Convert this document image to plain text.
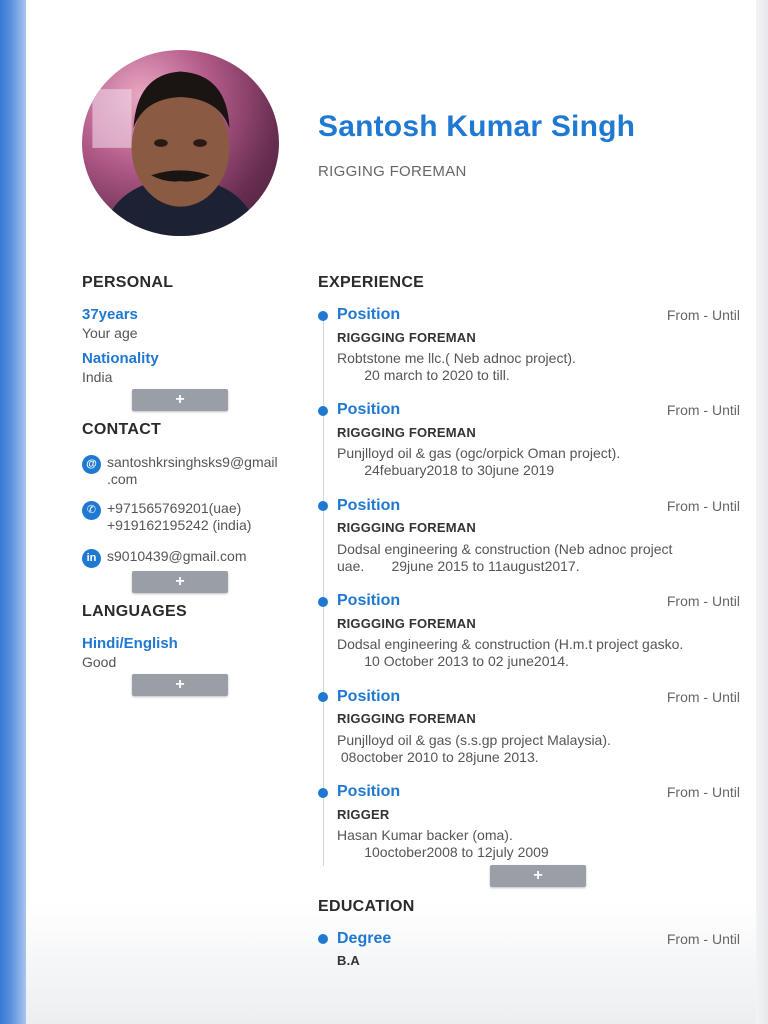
Santosh Kumar Singh
RIGGING FOREMAN
PERSONAL
37years
Your age
Nationality
India
+
CONTACT
@ santoshkrsinghsks9@gmail
.com
✆ +971565769201(uae)
+919162195242 (india)
in s9010439@gmail.com
+
LANGUAGES
Hindi/English
Good
+
EXPERIENCE
Position	From - Until
RIGGGING FOREMAN
Robtstone me llc.( Neb adnoc project).
20 march to 2020 to till.
Position	From - Until
RIGGGING FOREMAN
Punjlloyd oil & gas (ogc/orpick Oman project).
24febuary2018 to 30june 2019
Position	From - Until
RIGGGING FOREMAN
Dodsal engineering & construction (Neb adnoc project
uae.       29june 2015 to 11august2017.
Position	From - Until
RIGGGING FOREMAN
Dodsal engineering & construction (H.m.t project gasko.
10 October 2013 to 02 june2014.
Position	From - Until
RIGGGING FOREMAN
Punjlloyd oil & gas (s.s.gp project Malaysia).
08october 2010 to 28june 2013.
Position	From - Until
RIGGER
Hasan Kumar backer (oma).
10october2008 to 12july 2009
+
EDUCATION
Degree	From - Until
B.A
